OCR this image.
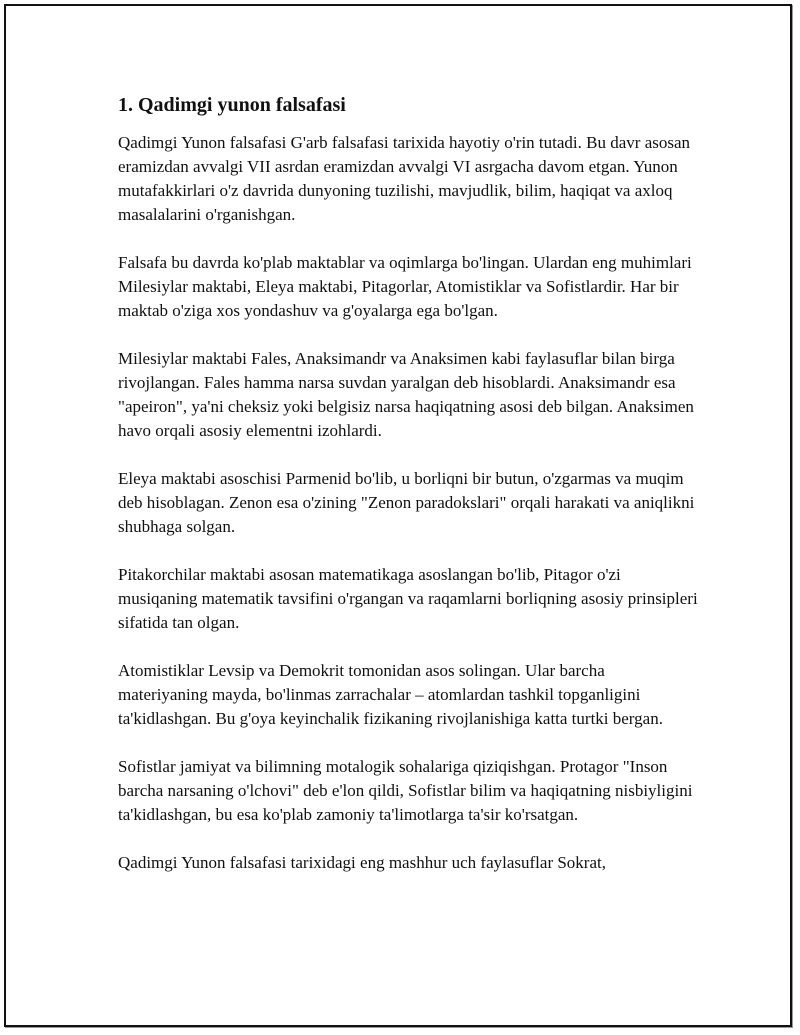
1. Qadimgi yunon falsafasi

Qadimgi Yunon falsafasi G'arb falsafasi tarixida hayotiy o'rin tutadi. Bu davr asosan eramizdan avvalgi VII asrdan eramizdan avvalgi VI asrgacha davom etgan. Yunon mutafakkirlari o'z davrida dunyoning tuzilishi, mavjudlik, bilim, haqiqat va axloq masalalarini o'rganishgan.

Falsafa bu davrda ko'plab maktablar va oqimlarga bo'lingan. Ulardan eng muhimlari Milesiylar maktabi, Eleya maktabi, Pitagorlar, Atomistiklar va Sofistlardir. Har bir maktab o'ziga xos yondashuv va g'oyalarga ega bo'lgan.

Milesiylar maktabi Fales, Anaksimandr va Anaksimen kabi faylasuflar bilan birga rivojlangan. Fales hamma narsa suvdan yaralgan deb hisoblardi. Anaksimandr esa "apeiron", ya'ni cheksiz yoki belgisiz narsa haqiqatning asosi deb bilgan. Anaksimen havo orqali asosiy elementni izohlardi.

Eleya maktabi asoschisi Parmenid bo'lib, u borliqni bir butun, o'zgarmas va muqim deb hisoblagan. Zenon esa o'zining "Zenon paradokslari" orqali harakati va aniqlikni shubhaga solgan.

Pitakorchilar maktabi asosan matematikaga asoslangan bo'lib, Pitagor o'zi musiqaning matematik tavsifini o'rgangan va raqamlarni borliqning asosiy prinsipleri sifatida tan olgan.

Atomistiklar Levsip va Demokrit tomonidan asos solingan. Ular barcha materiyaning mayda, bo'linmas zarrachalar – atomlardan tashkil topganligini ta'kidlashgan. Bu g'oya keyinchalik fizikaning rivojlanishiga katta turtki bergan.

Sofistlar jamiyat va bilimning motalogik sohalariga qiziqishgan. Protagor "Inson barcha narsaning o'lchovi" deb e'lon qildi, Sofistlar bilim va haqiqatning nisbiyligini ta'kidlashgan, bu esa ko'plab zamoniy ta'limotlarga ta'sir ko'rsatgan.

Qadimgi Yunon falsafasi tarixidagi eng mashhur uch faylasuflar Sokrat,
